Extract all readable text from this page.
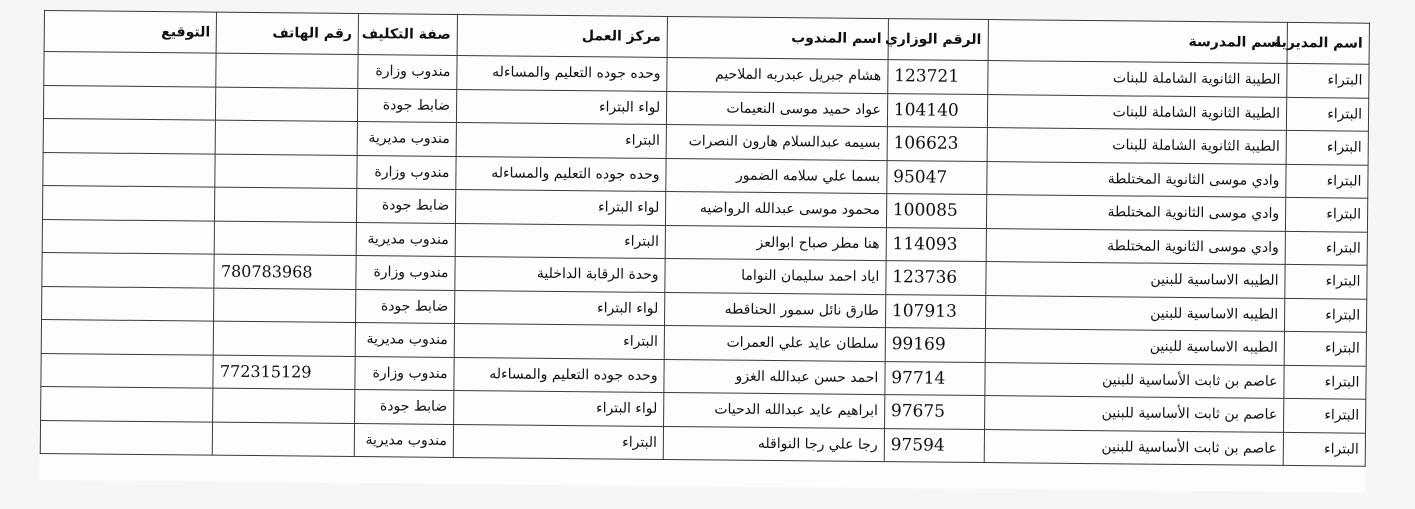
اسم المديرية	اسم المدرسة	الرقم الوزاري	اسم المندوب	مركز العمل	صفة التكليف	رقم الهاتف	التوقيع
البتراء	الطيبة الثانوية الشاملة للبنات	123721	هشام جبريل عبدربه الملاحيم	وحده جوده التعليم والمساءله	مندوب وزارة		
البتراء	الطيبة الثانوية الشاملة للبنات	104140	عواد حميد موسى النعيمات	لواء البتراء	ضابط جودة		
البتراء	الطيبة الثانوية الشاملة للبنات	106623	بسيمه عبدالسلام هارون النصرات	البتراء	مندوب مديرية		
البتراء	وادي موسى الثانوية المختلطة	95047	بسما علي سلامه الضمور	وحده جوده التعليم والمساءله	مندوب وزارة		
البتراء	وادي موسى الثانوية المختلطة	100085	محمود موسى عبدالله الرواضيه	لواء البتراء	ضابط جودة		
البتراء	وادي موسى الثانوية المختلطة	114093	هنا مطر صباح ابوالعز	البتراء	مندوب مديرية		
البتراء	الطيبه الاساسية للبنين	123736	اياد احمد سليمان النواما	وحدة الرقابة الداخلية	مندوب وزارة	780783968	
البتراء	الطيبه الاساسية للبنين	107913	طارق نائل سمور الحناقطه	لواء البتراء	ضابط جودة		
البتراء	الطيبه الاساسية للبنين	99169	سلطان عايد علي العمرات	البتراء	مندوب مديرية		
البتراء	عاصم بن ثابت الأساسية للبنين	97714	احمد حسن عبدالله الغزو	وحده جوده التعليم والمساءله	مندوب وزارة	772315129	
البتراء	عاصم بن ثابت الأساسية للبنين	97675	ابراهيم عايد عبدالله الدحيات	لواء البتراء	ضابط جودة		
البتراء	عاصم بن ثابت الأساسية للبنين	97594	رجا علي رجا النواقله	البتراء	مندوب مديرية		
